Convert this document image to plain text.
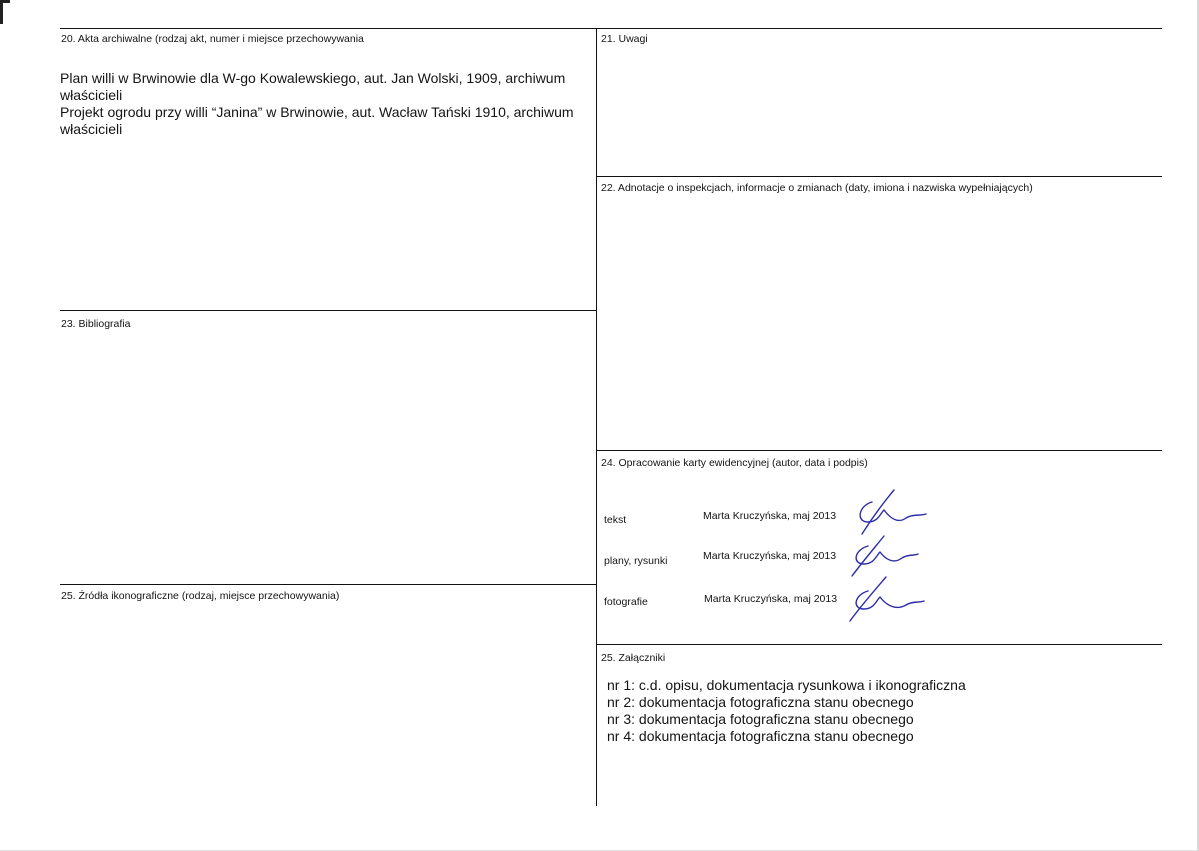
20. Akta archiwalne (rodzaj akt, numer i miejsce przechowywania
Plan willi w Brwinowie dla W-go Kowalewskiego, aut. Jan Wolski, 1909, archiwum
właścicieli
Projekt ogrodu przy willi “Janina” w Brwinowie, aut. Wacław Tański 1910, archiwum
właścicieli
21. Uwagi
22. Adnotacje o inspekcjach, informacje o zmianach (daty, imiona i nazwiska wypełniających)
23. Bibliografia
24. Opracowanie karty ewidencyjnej (autor, data i podpis)
tekst	Marta Kruczyńska, maj 2013
plany, rysunki	Marta Kruczyńska, maj 2013
fotografie	Marta Kruczyńska, maj 2013
25. Źródła ikonograficzne (rodzaj, miejsce przechowywania)
25. Załączniki
nr 1: c.d. opisu, dokumentacja rysunkowa i ikonograficzna
nr 2: dokumentacja fotograficzna stanu obecnego
nr 3: dokumentacja fotograficzna stanu obecnego
nr 4: dokumentacja fotograficzna stanu obecnego
